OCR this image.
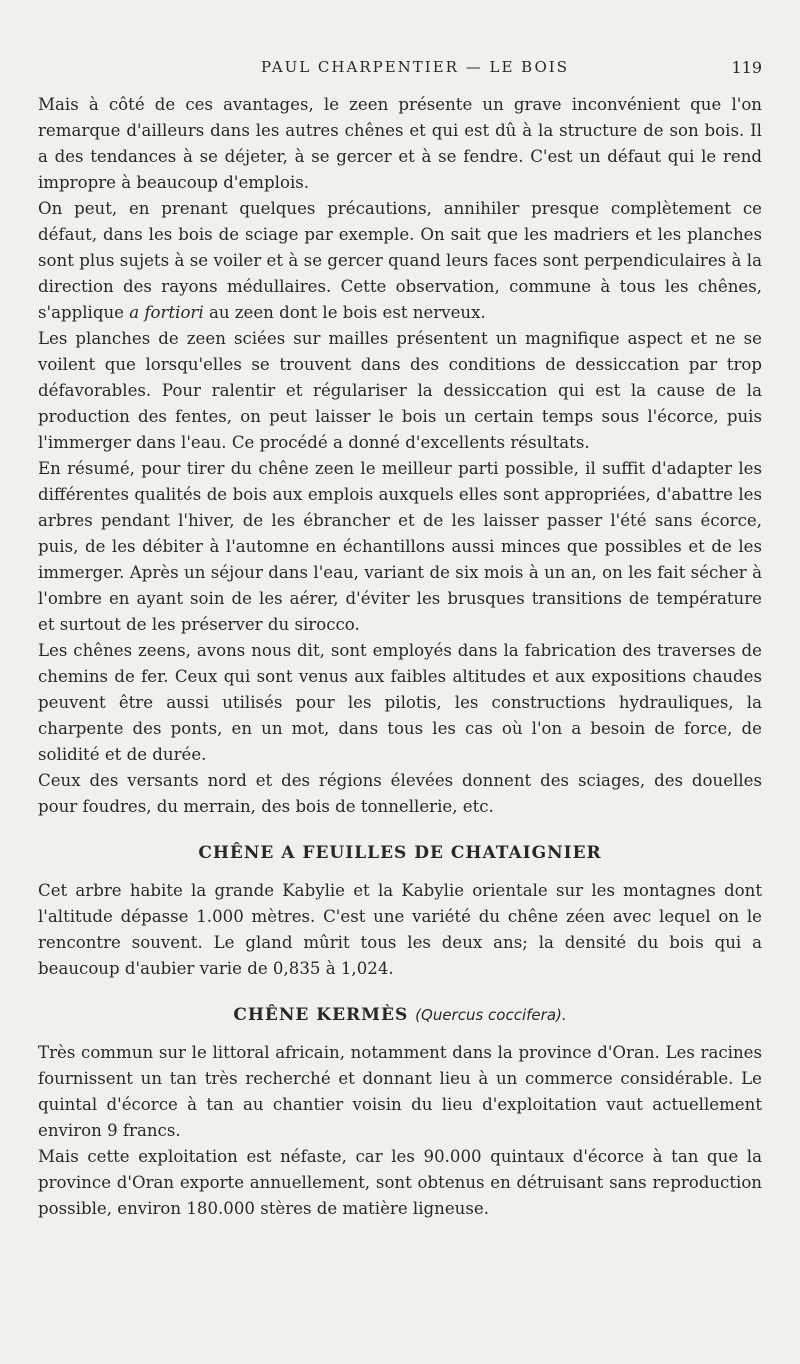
PAUL CHARPENTIER — LE BOIS	119

Mais à côté de ces avantages, le zeen présente un grave inconvénient que l'on remarque d'ailleurs dans les autres chênes et qui est dû à la structure de son bois. Il a des tendances à se déjeter, à se gercer et à se fendre. C'est un défaut qui le rend impropre à beaucoup d'emplois.

On peut, en prenant quelques précautions, annihiler presque complètement ce défaut, dans les bois de sciage par exemple. On sait que les madriers et les planches sont plus sujets à se voiler et à se gercer quand leurs faces sont perpendiculaires à la direction des rayons médullaires. Cette observation, commune à tous les chênes, s'applique a fortiori au zeen dont le bois est nerveux.

Les planches de zeen sciées sur mailles présentent un magnifique aspect et ne se voilent que lorsqu'elles se trouvent dans des conditions de dessiccation par trop défavorables. Pour ralentir et régulariser la dessiccation qui est la cause de la production des fentes, on peut laisser le bois un certain temps sous l'écorce, puis l'immerger dans l'eau. Ce procédé a donné d'excellents résultats.

En résumé, pour tirer du chêne zeen le meilleur parti possible, il suffit d'adapter les différentes qualités de bois aux emplois auxquels elles sont appropriées, d'abattre les arbres pendant l'hiver, de les ébrancher et de les laisser passer l'été sans écorce, puis, de les débiter à l'automne en échantillons aussi minces que possibles et de les immerger. Après un séjour dans l'eau, variant de six mois à un an, on les fait sécher à l'ombre en ayant soin de les aérer, d'éviter les brusques transitions de température et surtout de les préserver du sirocco.

Les chênes zeens, avons nous dit, sont employés dans la fabrication des traverses de chemins de fer. Ceux qui sont venus aux faibles altitudes et aux expositions chaudes peuvent être aussi utilisés pour les pilotis, les constructions hydrauliques, la charpente des ponts, en un mot, dans tous les cas où l'on a besoin de force, de solidité et de durée.

Ceux des versants nord et des régions élevées donnent des sciages, des douelles pour foudres, du merrain, des bois de tonnellerie, etc.

CHÊNE A FEUILLES DE CHATAIGNIER

Cet arbre habite la grande Kabylie et la Kabylie orientale sur les montagnes dont l'altitude dépasse 1.000 mètres. C'est une variété du chêne zéen avec lequel on le rencontre souvent. Le gland mûrit tous les deux ans; la densité du bois qui a beaucoup d'aubier varie de 0,835 à 1,024.

CHÊNE KERMÈS (Quercus coccifera).

Très commun sur le littoral africain, notamment dans la province d'Oran. Les racines fournissent un tan très recherché et donnant lieu à un commerce considérable. Le quintal d'écorce à tan au chantier voisin du lieu d'exploitation vaut actuellement environ 9 francs.

Mais cette exploitation est néfaste, car les 90.000 quintaux d'écorce à tan que la province d'Oran exporte annuellement, sont obtenus en détruisant sans reproduction possible, environ 180.000 stères de matière ligneuse.
